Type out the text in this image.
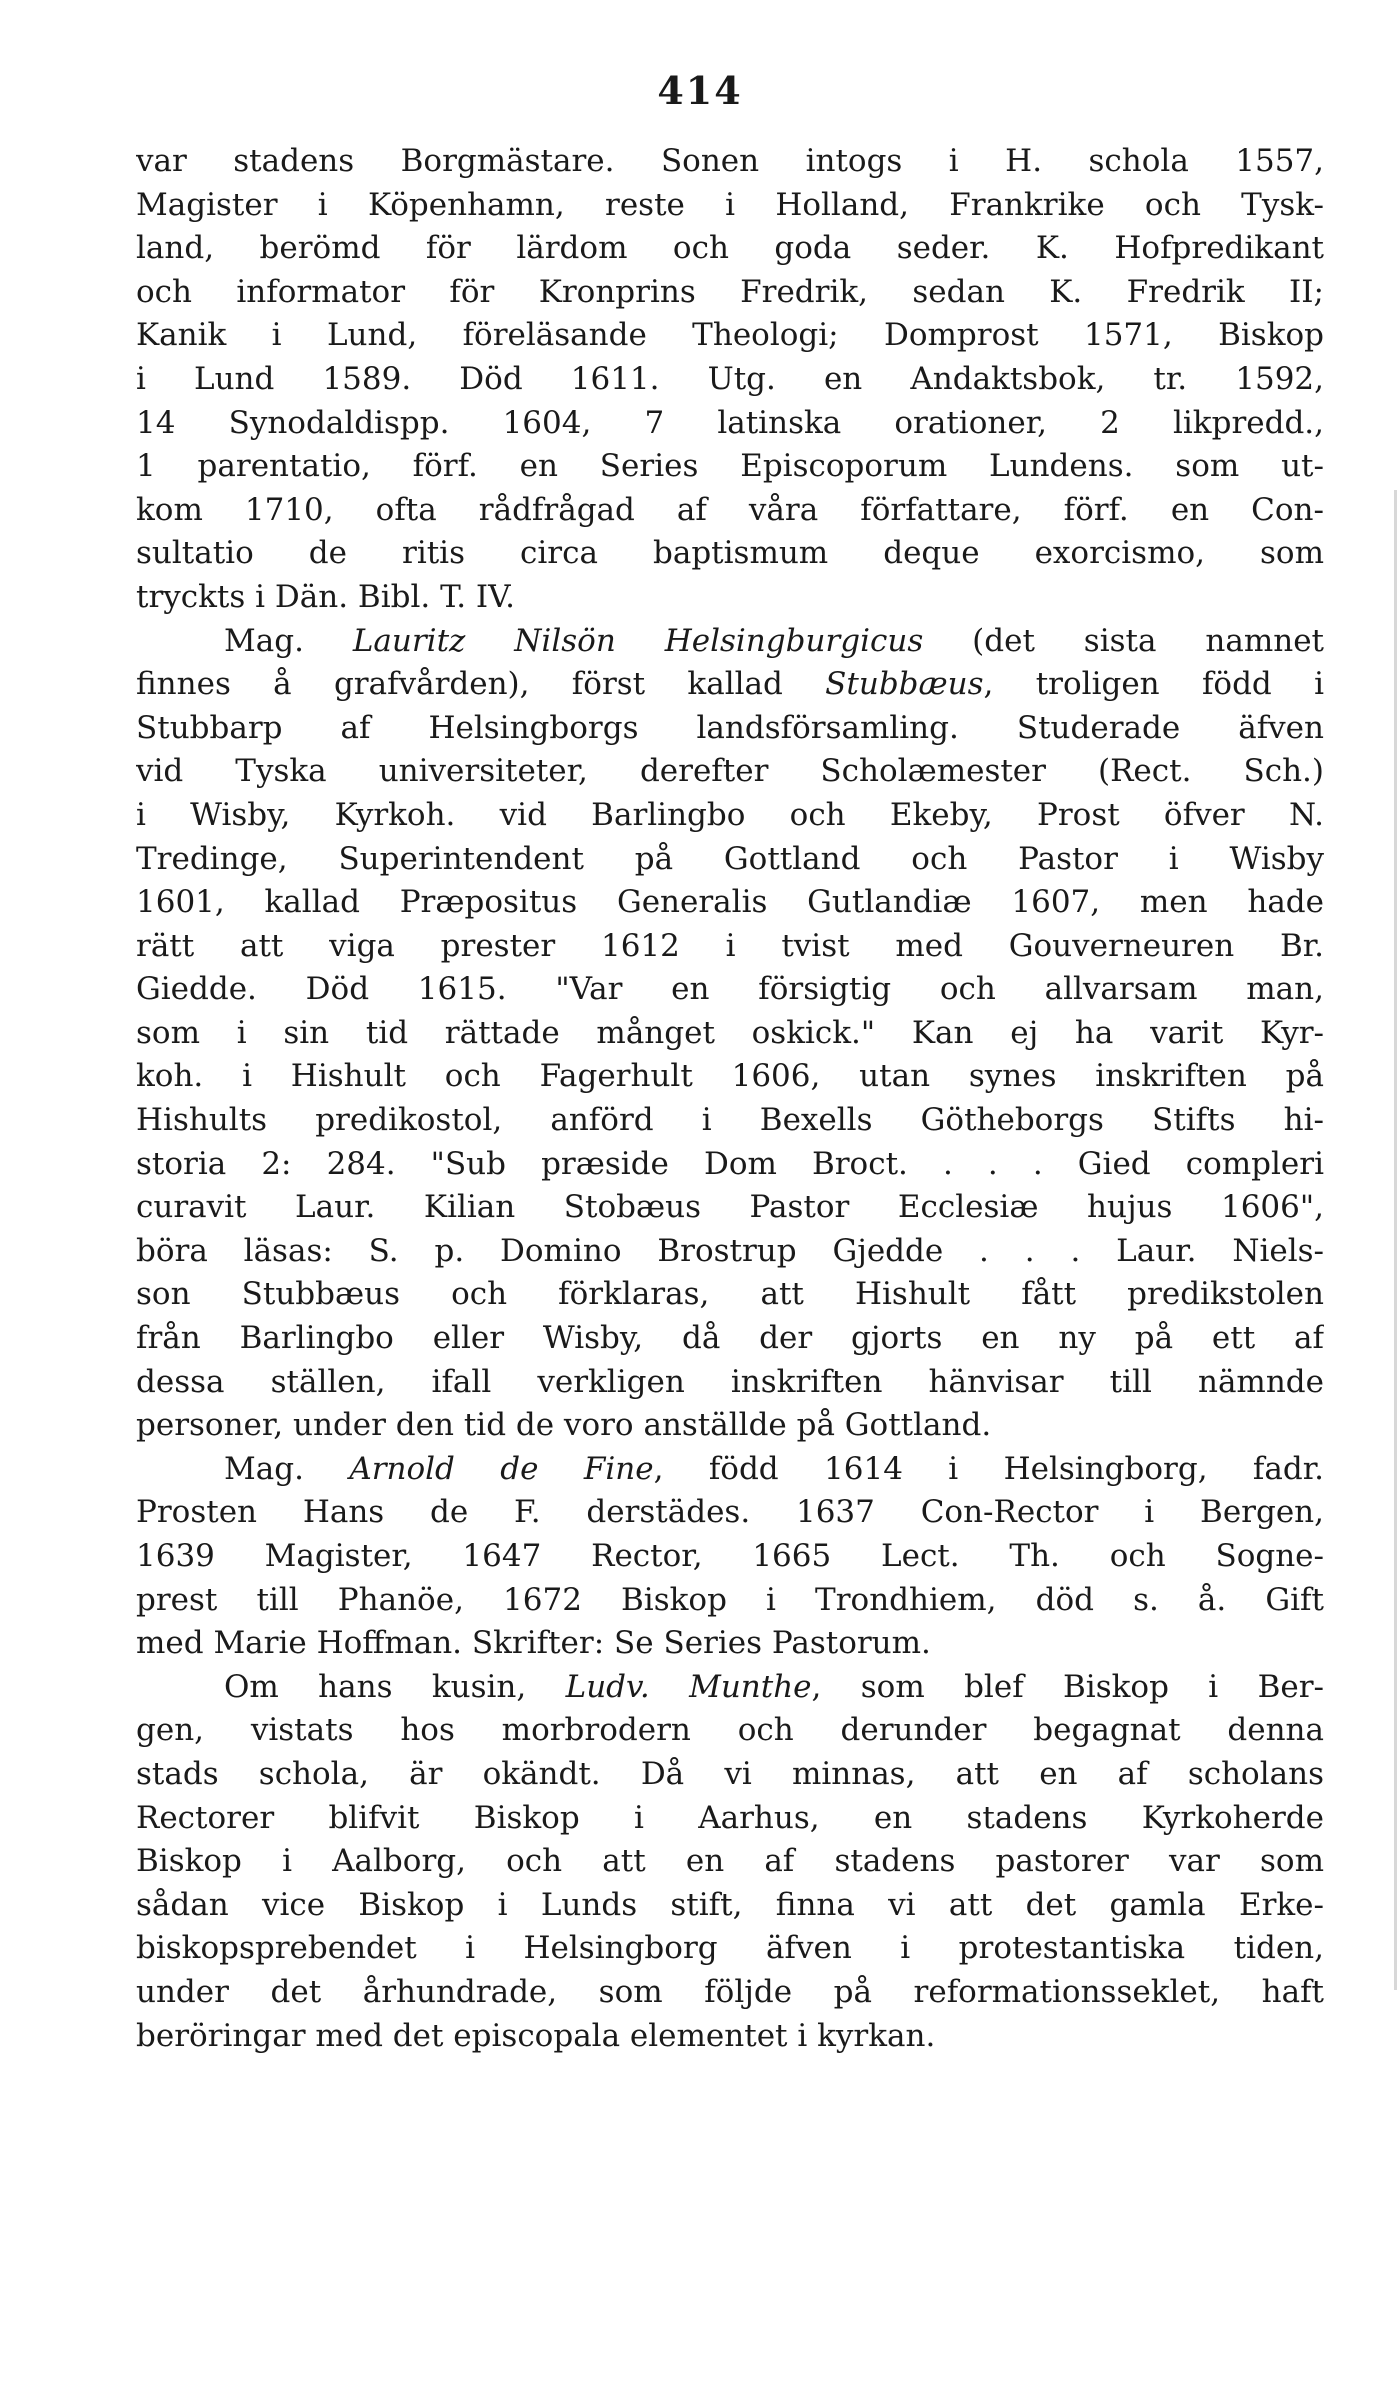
414
var stadens Borgmästare. Sonen intogs i H. schola 1557,
Magister i Köpenhamn, reste i Holland, Frankrike och Tysk-
land, berömd för lärdom och goda seder. K. Hofpredikant
och informator för Kronprins Fredrik, sedan K. Fredrik II;
Kanik i Lund, föreläsande Theologi; Domprost 1571, Biskop
i Lund 1589. Död 1611. Utg. en Andaktsbok, tr. 1592,
14 Synodaldispp. 1604, 7 latinska orationer, 2 likpredd.,
1 parentatio, förf. en Series Episcoporum Lundens. som ut-
kom 1710, ofta rådfrågad af våra författare, förf. en Con-
sultatio de ritis circa baptismum deque exorcismo, som
tryckts i Dän. Bibl. T. IV.
Mag. Lauritz Nilsön Helsingburgicus (det sista namnet
finnes å grafvården), först kallad Stubbæus, troligen född i
Stubbarp af Helsingborgs landsförsamling. Studerade äfven
vid Tyska universiteter, derefter Scholæmester (Rect. Sch.)
i Wisby, Kyrkoh. vid Barlingbo och Ekeby, Prost öfver N.
Tredinge, Superintendent på Gottland och Pastor i Wisby
1601, kallad Præpositus Generalis Gutlandiæ 1607, men hade
rätt att viga prester 1612 i tvist med Gouverneuren Br.
Giedde. Död 1615. "Var en försigtig och allvarsam man,
som i sin tid rättade månget oskick." Kan ej ha varit Kyr-
koh. i Hishult och Fagerhult 1606, utan synes inskriften på
Hishults predikostol, anförd i Bexells Götheborgs Stifts hi-
storia 2: 284. "Sub præside Dom Broct. . . . Gied compleri
curavit Laur. Kilian Stobæus Pastor Ecclesiæ hujus 1606",
böra läsas: S. p. Domino Brostrup Gjedde . . . Laur. Niels-
son Stubbæus och förklaras, att Hishult fått predikstolen
från Barlingbo eller Wisby, då der gjorts en ny på ett af
dessa ställen, ifall verkligen inskriften hänvisar till nämnde
personer, under den tid de voro anställde på Gottland.
Mag. Arnold de Fine, född 1614 i Helsingborg, fadr.
Prosten Hans de F. derstädes. 1637 Con-Rector i Bergen,
1639 Magister, 1647 Rector, 1665 Lect. Th. och Sogne-
prest till Phanöe, 1672 Biskop i Trondhiem, död s. å. Gift
med Marie Hoffman. Skrifter: Se Series Pastorum.
Om hans kusin, Ludv. Munthe, som blef Biskop i Ber-
gen, vistats hos morbrodern och derunder begagnat denna
stads schola, är okändt. Då vi minnas, att en af scholans
Rectorer blifvit Biskop i Aarhus, en stadens Kyrkoherde
Biskop i Aalborg, och att en af stadens pastorer var som
sådan vice Biskop i Lunds stift, finna vi att det gamla Erke-
biskopsprebendet i Helsingborg äfven i protestantiska tiden,
under det århundrade, som följde på reformationsseklet, haft
beröringar med det episcopala elementet i kyrkan.
